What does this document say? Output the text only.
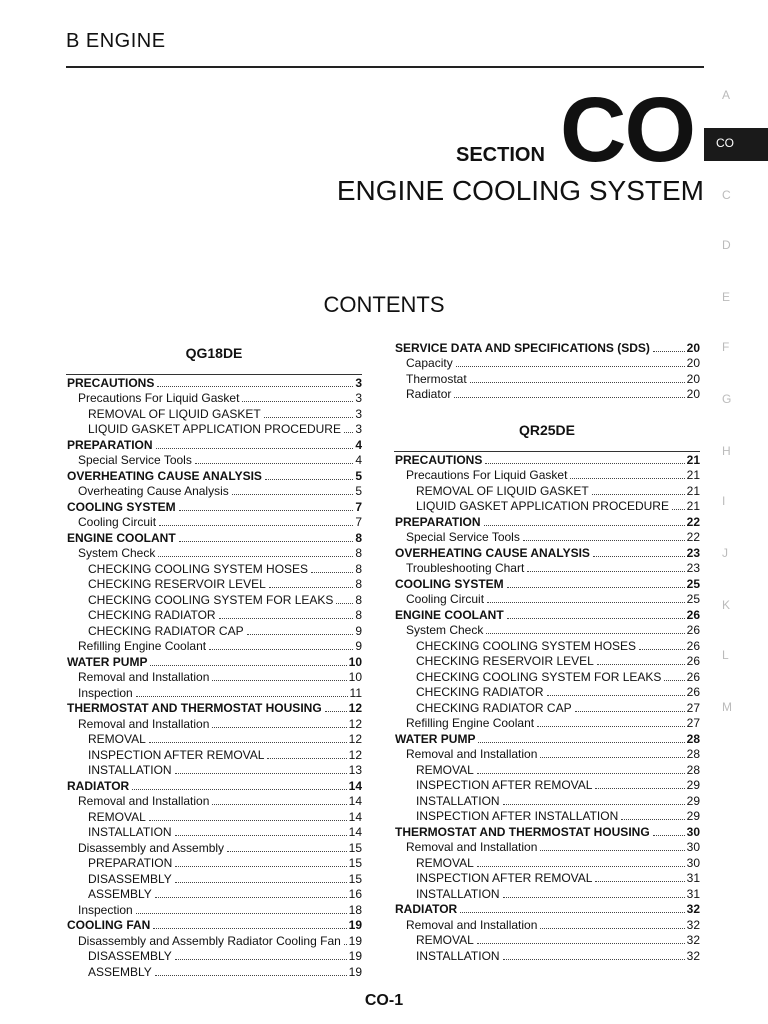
B ENGINE
SECTION CO
ENGINE COOLING SYSTEM
CONTENTS
A
CO
C
D
E
F
G
H
I
J
K
L
M
QG18DE
PRECAUTIONS	3
Precautions For Liquid Gasket	3
REMOVAL OF LIQUID GASKET	3
LIQUID GASKET APPLICATION PROCEDURE 3
PREPARATION	4
Special Service Tools	4
OVERHEATING CAUSE ANALYSIS	5
Overheating Cause Analysis	5
COOLING SYSTEM	7
Cooling Circuit	7
ENGINE COOLANT	8
System Check	8
CHECKING COOLING SYSTEM HOSES	8
CHECKING RESERVOIR LEVEL	8
CHECKING COOLING SYSTEM FOR LEAKS 8
CHECKING RADIATOR	8
CHECKING RADIATOR CAP	9
Refilling Engine Coolant	9
WATER PUMP	10
Removal and Installation	10
Inspection	11
THERMOSTAT AND THERMOSTAT HOUSING 12
Removal and Installation	12
REMOVAL	12
INSPECTION AFTER REMOVAL	12
INSTALLATION	13
RADIATOR	14
Removal and Installation	14
REMOVAL	14
INSTALLATION	14
Disassembly and Assembly	15
PREPARATION	15
DISASSEMBLY	15
ASSEMBLY	16
Inspection	18
COOLING FAN	19
Disassembly and Assembly Radiator Cooling Fan 19
DISASSEMBLY	19
ASSEMBLY	19
SERVICE DATA AND SPECIFICATIONS (SDS)	20
Capacity	20
Thermostat	20
Radiator	20
QR25DE
PRECAUTIONS	21
Precautions For Liquid Gasket	21
REMOVAL OF LIQUID GASKET	21
LIQUID GASKET APPLICATION PROCEDURE 21
PREPARATION	22
Special Service Tools	22
OVERHEATING CAUSE ANALYSIS	23
Troubleshooting Chart	23
COOLING SYSTEM	25
Cooling Circuit	25
ENGINE COOLANT	26
System Check	26
CHECKING COOLING SYSTEM HOSES	26
CHECKING RESERVOIR LEVEL	26
CHECKING COOLING SYSTEM FOR LEAKS 26
CHECKING RADIATOR	26
CHECKING RADIATOR CAP	27
Refilling Engine Coolant	27
WATER PUMP	28
Removal and Installation	28
REMOVAL	28
INSPECTION AFTER REMOVAL	29
INSTALLATION	29
INSPECTION AFTER INSTALLATION	29
THERMOSTAT AND THERMOSTAT HOUSING	30
Removal and Installation	30
REMOVAL	30
INSPECTION AFTER REMOVAL	31
INSTALLATION	31
RADIATOR	32
Removal and Installation	32
REMOVAL	32
INSTALLATION	32
CO-1
